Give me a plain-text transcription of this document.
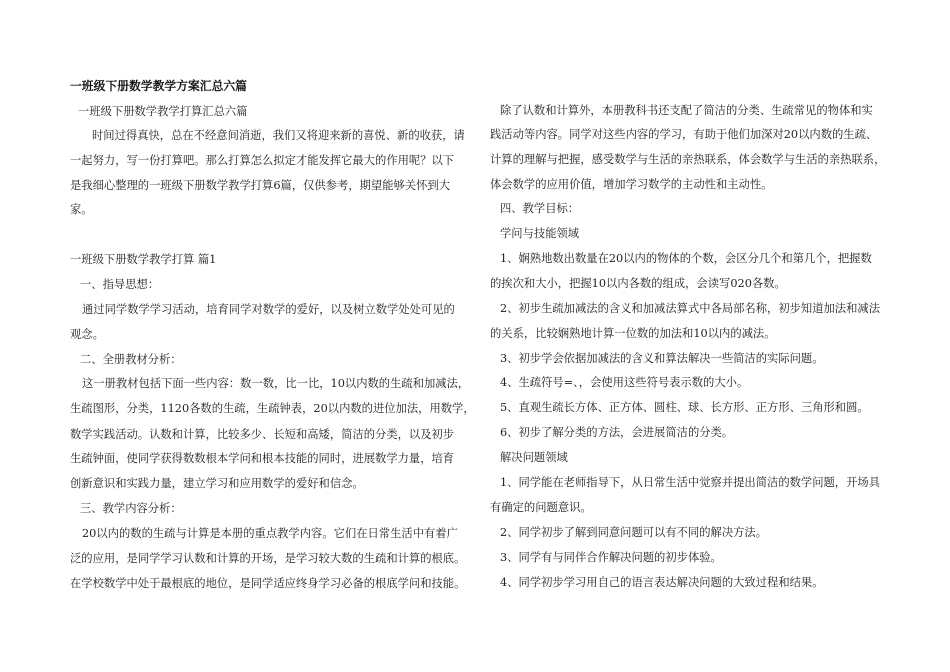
一班级下册数学教学方案汇总六篇
一班级下册数学教学打算汇总六篇
时间过得真快，总在不经意间消逝，我们又将迎来新的喜悦、新的收获，请
一起努力，写一份打算吧。那么打算怎么拟定才能发挥它最大的作用呢？以下
是我细心整理的一班级下册数学教学打算6篇，仅供参考，期望能够关怀到大
家。
一班级下册数学教学打算 篇1
一、指导思想：
通过同学数学学习活动，培育同学对数学的爱好，以及树立数学处处可见的
观念。
二、全册教材分析：
这一册教材包括下面一些内容：数一数，比一比，10以内数的生疏和加减法，
生疏图形，分类，1120各数的生疏，生疏钟表，20以内数的进位加法，用数学，
数学实践活动。认数和计算，比较多少、长短和高矮，简洁的分类，以及初步
生疏钟面，使同学获得数数根本学问和根本技能的同时，进展数学力量，培育
创新意识和实践力量，建立学习和应用数学的爱好和信念。
三、教学内容分析：
20以内的数的生疏与计算是本册的重点教学内容。它们在日常生活中有着广
泛的应用，是同学学习认数和计算的开场，是学习较大数的生疏和计算的根底。
在学校数学中处于最根底的地位，是同学适应终身学习必备的根底学问和技能。
除了认数和计算外，本册教科书还支配了简洁的分类、生疏常见的物体和实
践活动等内容。同学对这些内容的学习，有助于他们加深对20以内数的生疏、
计算的理解与把握，感受数学与生活的亲热联系，体会数学与生活的亲热联系，
体会数学的应用价值，增加学习数学的主动性和主动性。
四、教学目标：
学问与技能领域
1、娴熟地数出数量在20以内的物体的个数，会区分几个和第几个，把握数
的挨次和大小，把握10以内各数的组成，会读写020各数。
2、初步生疏加减法的含义和加减法算式中各局部名称，初步知道加法和减法
的关系，比较娴熟地计算一位数的加法和10以内的减法。
3、初步学会依据加减法的含义和算法解决一些简洁的实际问题。
4、生疏符号=、，会使用这些符号表示数的大小。
5、直观生疏长方体、正方体、圆柱、球、长方形、正方形、三角形和圆。
6、初步了解分类的方法，会进展简洁的分类。
解决问题领域
1、同学能在老师指导下，从日常生活中觉察并提出简洁的数学问题，开场具
有确定的问题意识。
2、同学初步了解到同意问题可以有不同的解决方法。
3、同学有与同伴合作解决问题的初步体验。
4、同学初步学习用自己的语言表达解决问题的大致过程和结果。
